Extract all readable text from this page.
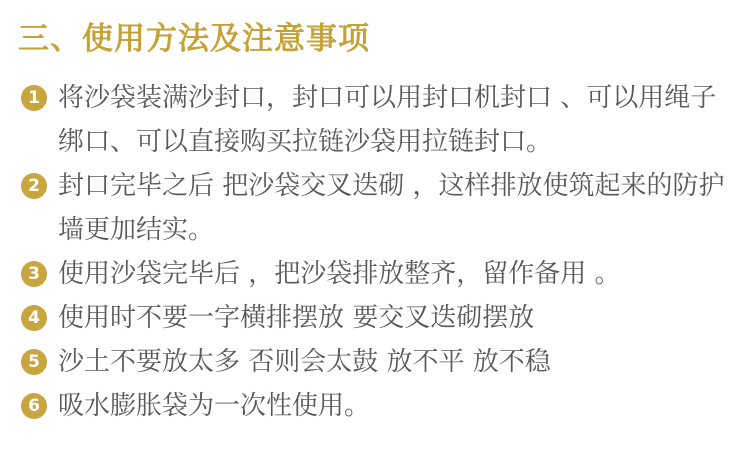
三、使用方法及注意事项
1 将沙袋装满沙封口，封口可以用封口机封口 、可以用绳子绑口、可以直接购买拉链沙袋用拉链封口。
2 封口完毕之后 把沙袋交叉迭砌 ，这样排放使筑起来的防护墙更加结实。
3 使用沙袋完毕后 ，把沙袋排放整齐，留作备用 。
4 使用时不要一字横排摆放 要交叉迭砌摆放
5 沙土不要放太多 否则会太鼓 放不平 放不稳
6 吸水膨胀袋为一次性使用。
